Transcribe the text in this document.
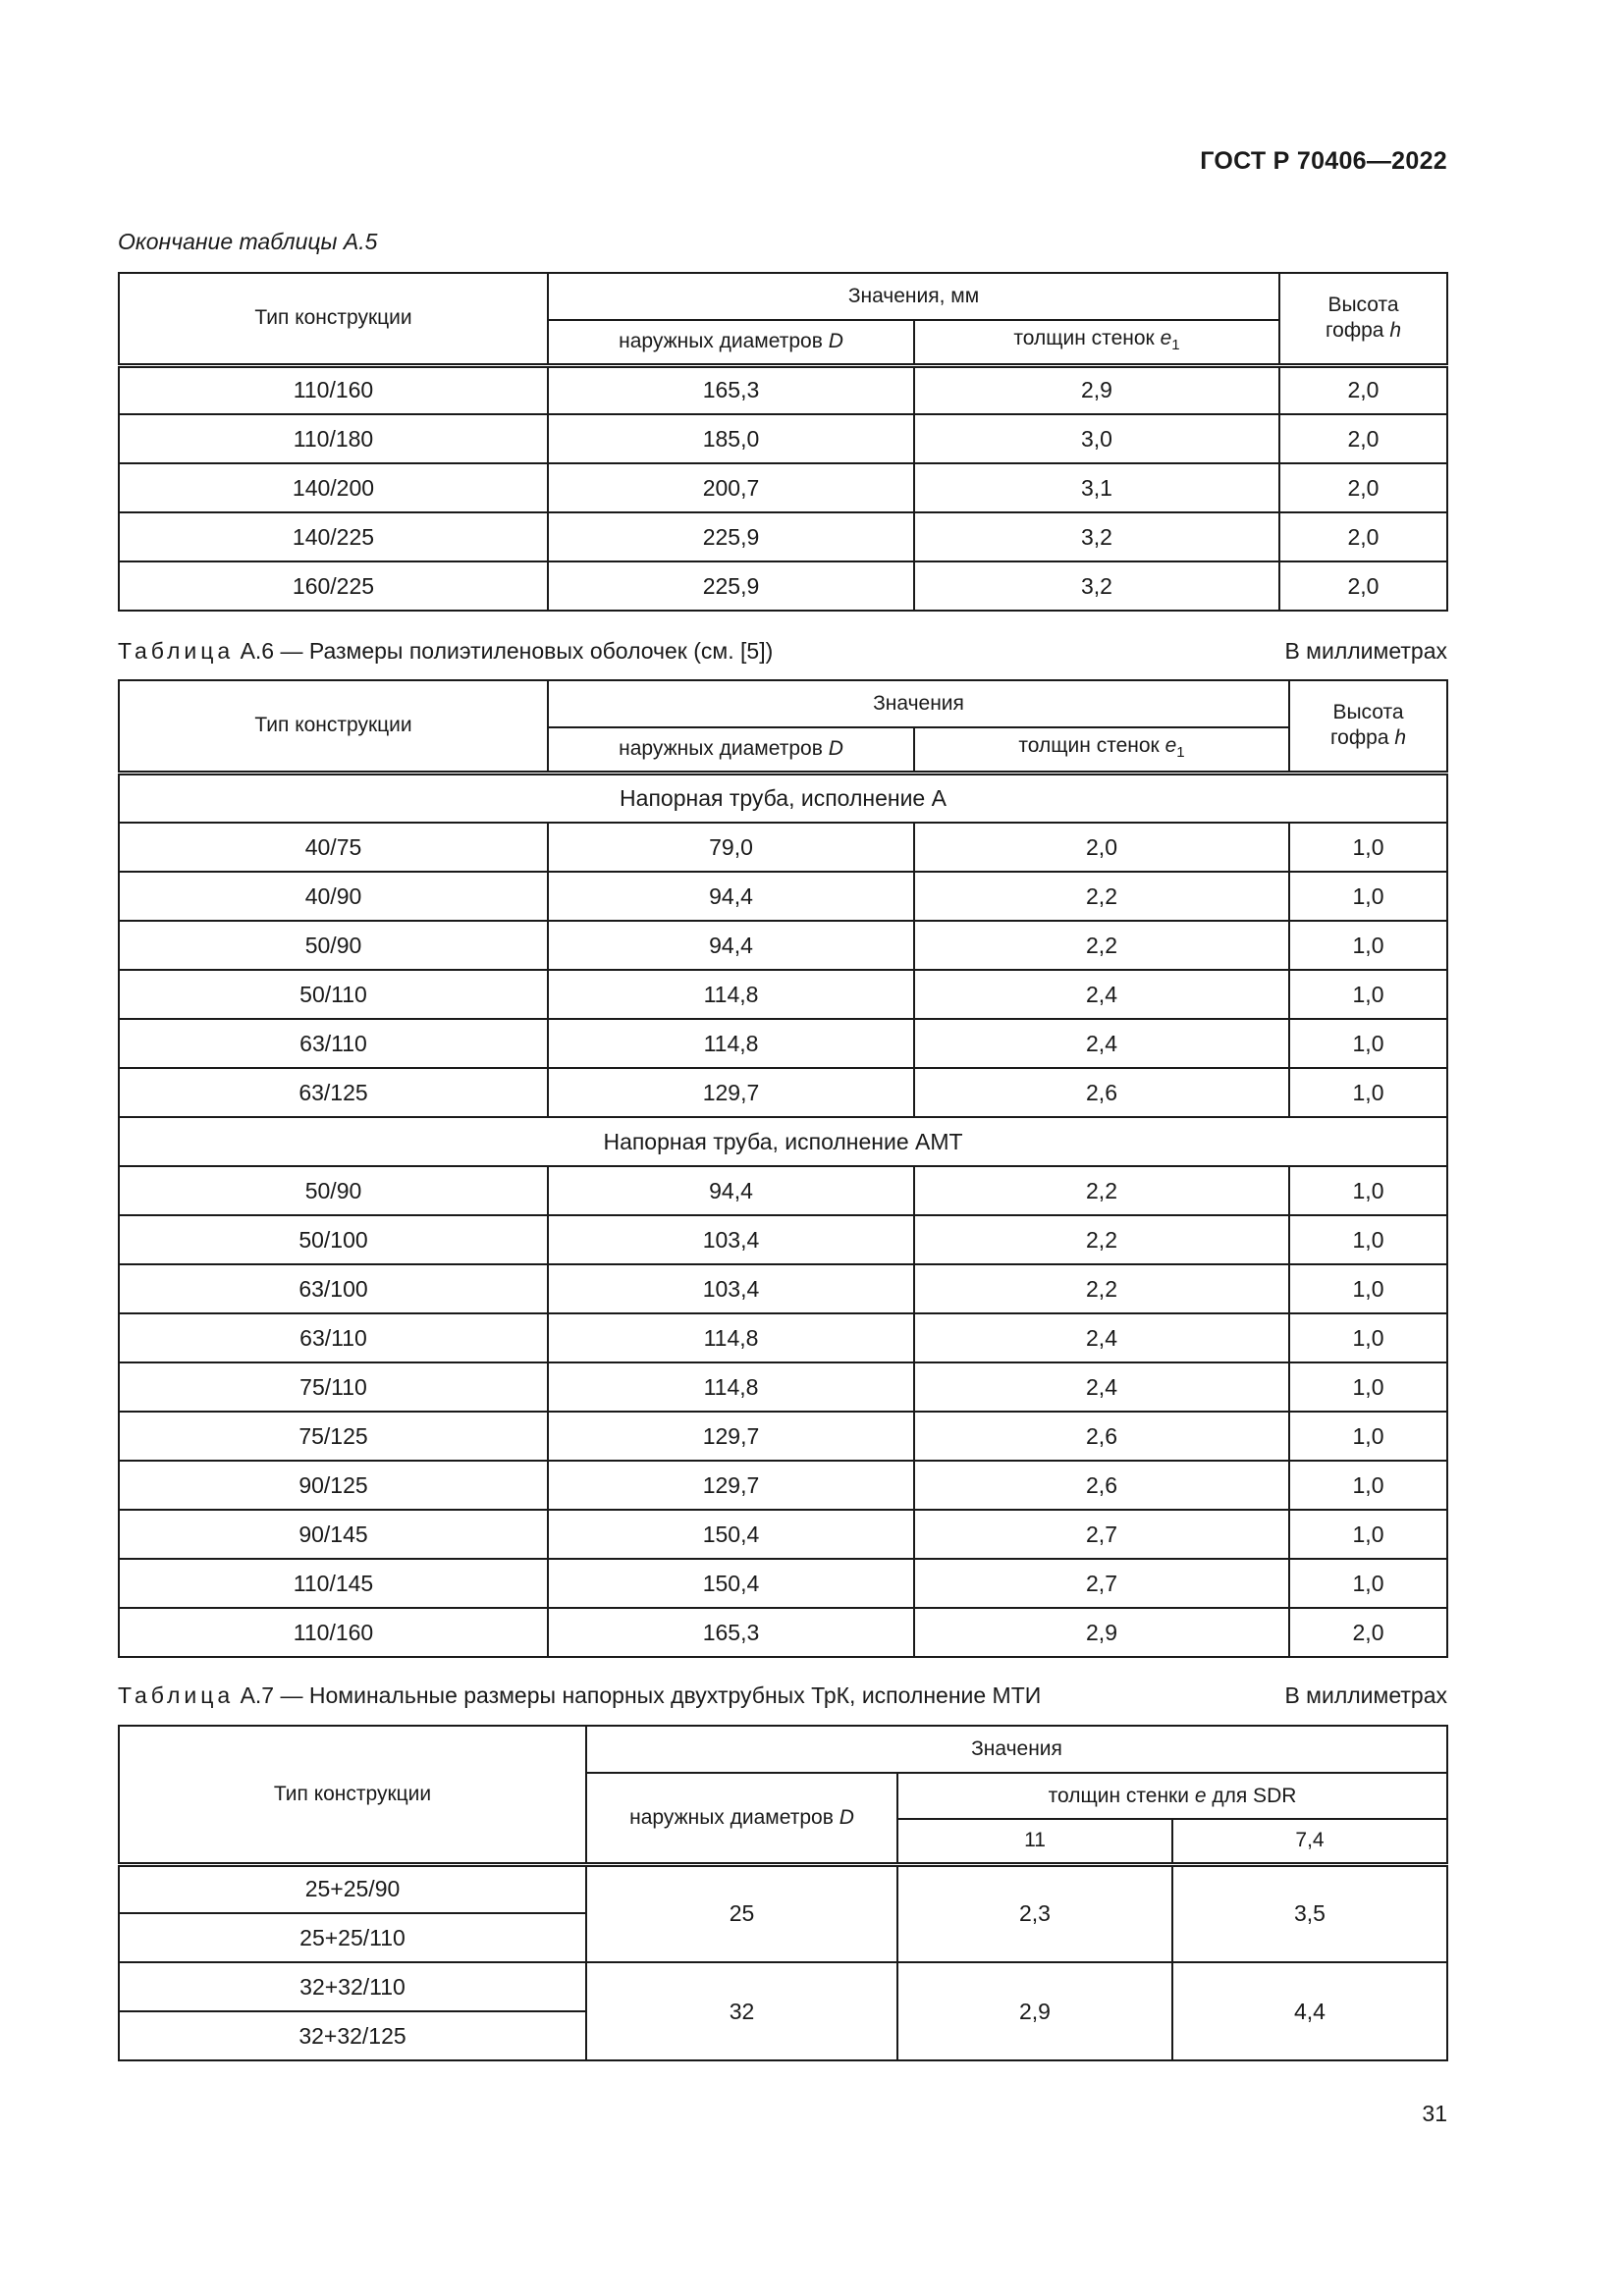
ГОСТ Р 70406—2022
Окончание таблицы А.5
Тип конструкции	Значения, мм		Высота
гофра h
	наружных диаметров D	толщин стенок $e_1$
110/160	165,3	2,9	2,0
110/180	185,0	3,0	2,0
140/200	200,7	3,1	2,0
140/225	225,9	3,2	2,0
160/225	225,9	3,2	2,0
Таблица А.6 — Размеры полиэтиленовых оболочек (см. [5])	В миллиметрах
Тип конструкции	Значения		Высота
гофра h
	наружных диаметров D	толщин стенок $e_1$
Напорная труба, исполнение А			
40/75	79,0	2,0	1,0
40/90	94,4	2,2	1,0
50/90	94,4	2,2	1,0
50/110	114,8	2,4	1,0
63/110	114,8	2,4	1,0
63/125	129,7	2,6	1,0
Напорная труба, исполнение АМТ			
50/90	94,4	2,2	1,0
50/100	103,4	2,2	1,0
63/100	103,4	2,2	1,0
63/110	114,8	2,4	1,0
75/110	114,8	2,4	1,0
75/125	129,7	2,6	1,0
90/125	129,7	2,6	1,0
90/145	150,4	2,7	1,0
110/145	150,4	2,7	1,0
110/160	165,3	2,9	2,0
Таблица А.7 — Номинальные размеры напорных двухтрубных ТрК, исполнение МТИ	В миллиметрах
Тип конструкции	Значения		
	наружных диаметров D	толщин стенки e для SDR	
		11	7,4
25+25/90	25	2,3	3,5
25+25/110			
32+32/110	32	2,9	4,4
32+32/125			
31
